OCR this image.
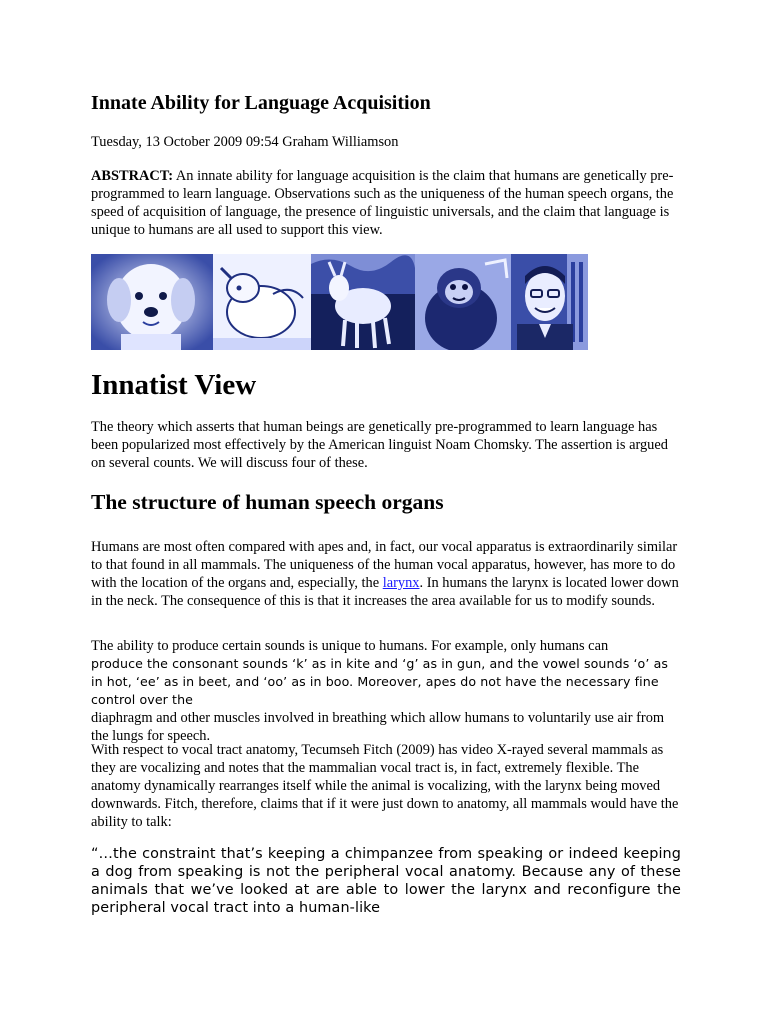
Innate Ability for Language Acquisition
Tuesday, 13 October 2009 09:54 Graham Williamson

ABSTRACT: An innate ability for language acquisition is the claim that humans are genetically pre-programmed to learn language. Observations such as the uniqueness of the human speech organs, the speed of acquisition of language, the presence of linguistic universals, and the claim that language is unique to humans are all used to support this view.

Innatist View

The theory which asserts that human beings are genetically pre-programmed to learn language has been popularized most effectively by the American linguist Noam Chomsky. The assertion is argued on several counts. We will discuss four of these.

The structure of human speech organs

Humans are most often compared with apes and, in fact, our vocal apparatus is extraordinarily similar to that found in all mammals. The uniqueness of the human vocal apparatus, however, has more to do with the location of the organs and, especially, the larynx. In humans the larynx is located lower down in the neck. The consequence of this is that it increases the area available for us to modify sounds.

The ability to produce certain sounds is unique to humans. For example, only humans can
produce the consonant sounds ‘k’ as in kite and ‘g’ as in gun, and the vowel sounds ‘o’ as in hot, ‘ee’ as in beet, and ‘oo’ as in boo. Moreover, apes do not have the necessary fine control over the
diaphragm and other muscles involved in breathing which allow humans to voluntarily use air from the lungs for speech.

With respect to vocal tract anatomy, Tecumseh Fitch (2009) has video X-rayed several mammals as they are vocalizing and notes that the mammalian vocal tract is, in fact, extremely flexible. The anatomy dynamically rearranges itself while the animal is vocalizing, with the larynx being moved downwards. Fitch, therefore, claims that if it were just down to anatomy, all mammals would have the ability to talk:

“…the constraint that’s keeping a chimpanzee from speaking or indeed keeping a dog from speaking is not the peripheral vocal anatomy. Because any of these animals that we’ve looked at are able to lower the larynx and reconfigure the peripheral vocal tract into a human-like
